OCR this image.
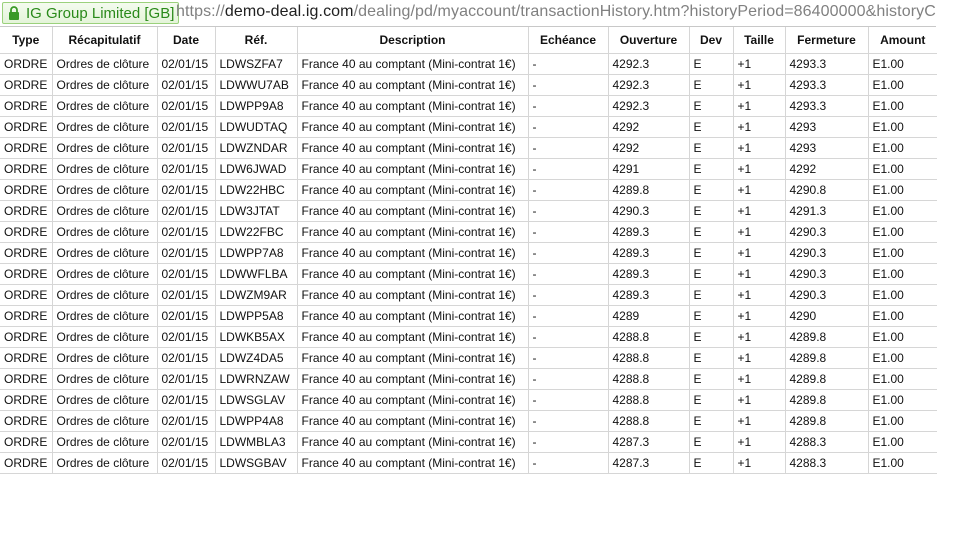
IG Group Limited [GB] https://demo-deal.ig.com/dealing/pd/myaccount/transactionHistory.htm?historyPeriod=86400000&historyC
Type	Récapitulatif	Date	Réf.	Description	Echéance	Ouverture	Dev	Taille	Fermeture	Amount
ORDRE	Ordres de clôture	02/01/15	LDWSZFA7	France 40 au comptant (Mini-contrat 1€)	-	4292.3	E	+1	4293.3	E1.00
ORDRE	Ordres de clôture	02/01/15	LDWWU7AB	France 40 au comptant (Mini-contrat 1€)	-	4292.3	E	+1	4293.3	E1.00
ORDRE	Ordres de clôture	02/01/15	LDWPP9A8	France 40 au comptant (Mini-contrat 1€)	-	4292.3	E	+1	4293.3	E1.00
ORDRE	Ordres de clôture	02/01/15	LDWUDTAQ	France 40 au comptant (Mini-contrat 1€)	-	4292	E	+1	4293	E1.00
ORDRE	Ordres de clôture	02/01/15	LDWZNDAR	France 40 au comptant (Mini-contrat 1€)	-	4292	E	+1	4293	E1.00
ORDRE	Ordres de clôture	02/01/15	LDW6JWAD	France 40 au comptant (Mini-contrat 1€)	-	4291	E	+1	4292	E1.00
ORDRE	Ordres de clôture	02/01/15	LDW22HBC	France 40 au comptant (Mini-contrat 1€)	-	4289.8	E	+1	4290.8	E1.00
ORDRE	Ordres de clôture	02/01/15	LDW3JTAT	France 40 au comptant (Mini-contrat 1€)	-	4290.3	E	+1	4291.3	E1.00
ORDRE	Ordres de clôture	02/01/15	LDW22FBC	France 40 au comptant (Mini-contrat 1€)	-	4289.3	E	+1	4290.3	E1.00
ORDRE	Ordres de clôture	02/01/15	LDWPP7A8	France 40 au comptant (Mini-contrat 1€)	-	4289.3	E	+1	4290.3	E1.00
ORDRE	Ordres de clôture	02/01/15	LDWWFLBA	France 40 au comptant (Mini-contrat 1€)	-	4289.3	E	+1	4290.3	E1.00
ORDRE	Ordres de clôture	02/01/15	LDWZM9AR	France 40 au comptant (Mini-contrat 1€)	-	4289.3	E	+1	4290.3	E1.00
ORDRE	Ordres de clôture	02/01/15	LDWPP5A8	France 40 au comptant (Mini-contrat 1€)	-	4289	E	+1	4290	E1.00
ORDRE	Ordres de clôture	02/01/15	LDWKB5AX	France 40 au comptant (Mini-contrat 1€)	-	4288.8	E	+1	4289.8	E1.00
ORDRE	Ordres de clôture	02/01/15	LDWZ4DA5	France 40 au comptant (Mini-contrat 1€)	-	4288.8	E	+1	4289.8	E1.00
ORDRE	Ordres de clôture	02/01/15	LDWRNZAW	France 40 au comptant (Mini-contrat 1€)	-	4288.8	E	+1	4289.8	E1.00
ORDRE	Ordres de clôture	02/01/15	LDWSGLAV	France 40 au comptant (Mini-contrat 1€)	-	4288.8	E	+1	4289.8	E1.00
ORDRE	Ordres de clôture	02/01/15	LDWPP4A8	France 40 au comptant (Mini-contrat 1€)	-	4288.8	E	+1	4289.8	E1.00
ORDRE	Ordres de clôture	02/01/15	LDWMBLA3	France 40 au comptant (Mini-contrat 1€)	-	4287.3	E	+1	4288.3	E1.00
ORDRE	Ordres de clôture	02/01/15	LDWSGBAV	France 40 au comptant (Mini-contrat 1€)	-	4287.3	E	+1	4288.3	E1.00
